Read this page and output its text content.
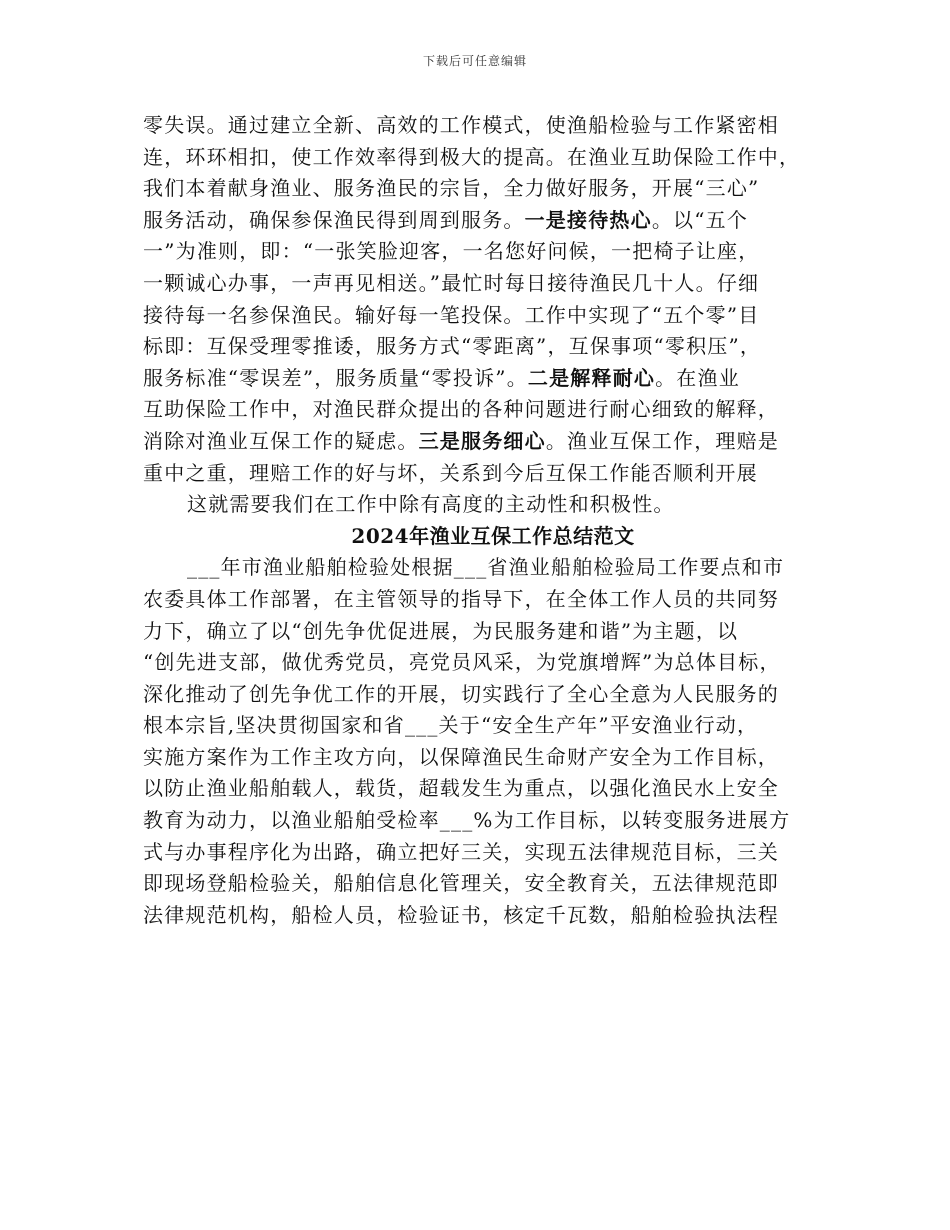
下载后可任意编辑
零失误。通过建立全新、高效的工作模式，使渔船检验与工作紧密相
连，环环相扣，使工作效率得到极大的提高。在渔业互助保险工作中，
我们本着献身渔业、服务渔民的宗旨，全力做好服务，开展“三心”
服务活动，确保参保渔民得到周到服务。一是接待热心。以“五个
一”为准则，即：“一张笑脸迎客，一名您好问候，一把椅子让座，
一颗诚心办事，一声再见相送。”最忙时每日接待渔民几十人。仔细
接待每一名参保渔民。输好每一笔投保。工作中实现了“五个零”目
标即：互保受理零推诿，服务方式“零距离”，互保事项“零积压”，
服务标准“零误差”，服务质量“零投诉”。二是解释耐心。在渔业
互助保险工作中，对渔民群众提出的各种问题进行耐心细致的解释，
消除对渔业互保工作的疑虑。三是服务细心。渔业互保工作，理赔是
重中之重，理赔工作的好与坏，关系到今后互保工作能否顺利开展
这就需要我们在工作中除有高度的主动性和积极性。
2024年渔业互保工作总结范文
___年市渔业船舶检验处根据___省渔业船舶检验局工作要点和市
农委具体工作部署，在主管领导的指导下，在全体工作人员的共同努
力下，确立了以“创先争优促进展，为民服务建和谐”为主题，以
“创先进支部，做优秀党员，亮党员风采，为党旗增辉”为总体目标，
深化推动了创先争优工作的开展，切实践行了全心全意为人民服务的
根本宗旨,坚决贯彻国家和省___关于“安全生产年”平安渔业行动，
实施方案作为工作主攻方向，以保障渔民生命财产安全为工作目标，
以防止渔业船舶载人，载货，超载发生为重点，以强化渔民水上安全
教育为动力，以渔业船舶受检率___%为工作目标，以转变服务进展方
式与办事程序化为出路，确立把好三关，实现五法律规范目标，三关
即现场登船检验关，船舶信息化管理关，安全教育关，五法律规范即
法律规范机构，船检人员，检验证书，核定千瓦数，船舶检验执法程
